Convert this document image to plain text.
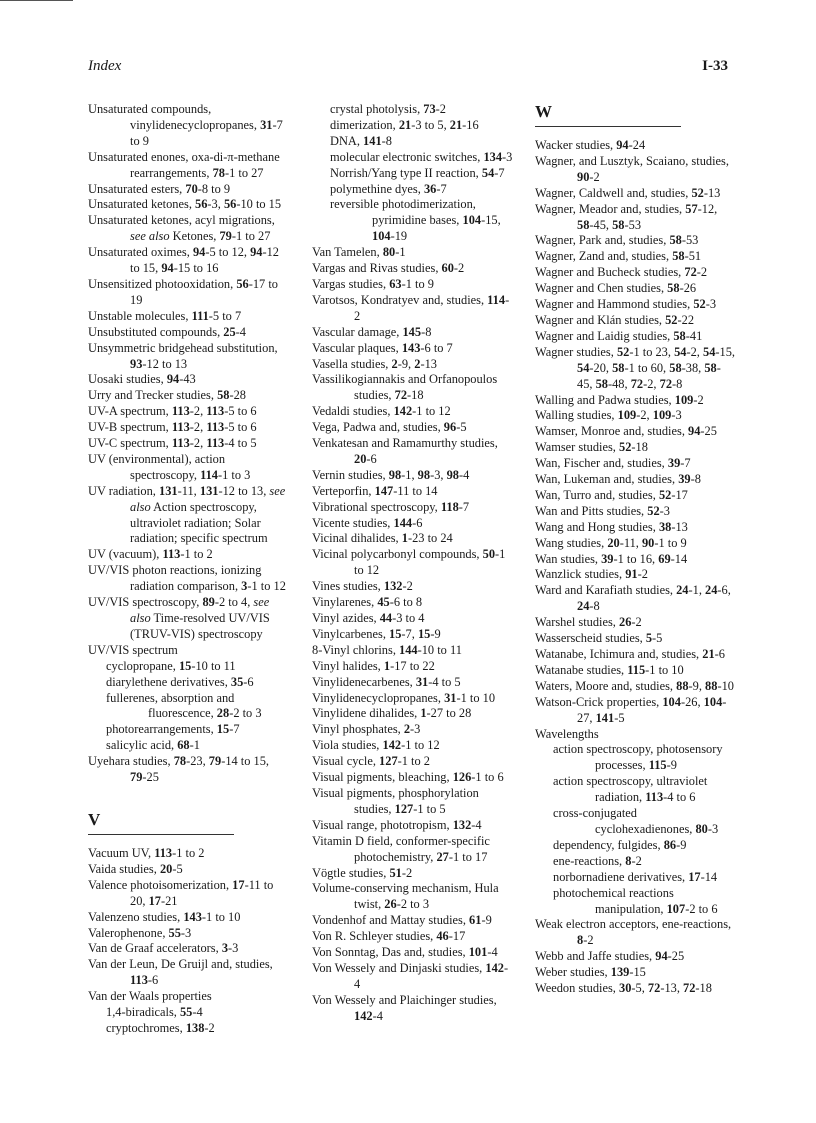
Index	I-33
Unsaturated compounds, vinylidenecyclopropanes, 31-7 to 9
Unsaturated enones, oxa-di-π-methane rearrangements, 78-1 to 27
Unsaturated esters, 70-8 to 9
Unsaturated ketones, 56-3, 56-10 to 15
Unsaturated ketones, acyl migrations, see also Ketones, 79-1 to 27
Unsaturated oximes, 94-5 to 12, 94-12 to 15, 94-15 to 16
Unsensitized photooxidation, 56-17 to 19
Unstable molecules, 111-5 to 7
Unsubstituted compounds, 25-4
Unsymmetric bridgehead substitution, 93-12 to 13
Uosaki studies, 94-43
Urry and Trecker studies, 58-28
UV-A spectrum, 113-2, 113-5 to 6
UV-B spectrum, 113-2, 113-5 to 6
UV-C spectrum, 113-2, 113-4 to 5
UV (environmental), action spectroscopy, 114-1 to 3
UV radiation, 131-11, 131-12 to 13, see also Action spectroscopy, ultraviolet radiation; Solar radiation; specific spectrum
UV (vacuum), 113-1 to 2
UV/VIS photon reactions, ionizing radiation comparison, 3-1 to 12
UV/VIS spectroscopy, 89-2 to 4, see also Time-resolved UV/VIS (TRUV-VIS) spectroscopy
UV/VIS spectrum
cyclopropane, 15-10 to 11
diarylethene derivatives, 35-6
fullerenes, absorption and fluorescence, 28-2 to 3
photorearrangements, 15-7
salicylic acid, 68-1
Uyehara studies, 78-23, 79-14 to 15, 79-25
V
Vacuum UV, 113-1 to 2
Vaida studies, 20-5
Valence photoisomerization, 17-11 to 20, 17-21
Valenzeno studies, 143-1 to 10
Valerophenone, 55-3
Van de Graaf accelerators, 3-3
Van der Leun, De Gruijl and, studies, 113-6
Van der Waals properties
1,4-biradicals, 55-4
cryptochromes, 138-2
crystal photolysis, 73-2
dimerization, 21-3 to 5, 21-16
DNA, 141-8
molecular electronic switches, 134-3
Norrish/Yang type II reaction, 54-7
polymethine dyes, 36-7
reversible photodimerization, pyrimidine bases, 104-15, 104-19
Van Tamelen, 80-1
Vargas and Rivas studies, 60-2
Vargas studies, 63-1 to 9
Varotsos, Kondratyev and, studies, 114-2
Vascular damage, 145-8
Vascular plaques, 143-6 to 7
Vasella studies, 2-9, 2-13
Vassilikogiannakis and Orfanopoulos studies, 72-18
Vedaldi studies, 142-1 to 12
Vega, Padwa and, studies, 96-5
Venkatesan and Ramamurthy studies, 20-6
Vernin studies, 98-1, 98-3, 98-4
Verteporfin, 147-11 to 14
Vibrational spectroscopy, 118-7
Vicente studies, 144-6
Vicinal dihalides, 1-23 to 24
Vicinal polycarbonyl compounds, 50-1 to 12
Vines studies, 132-2
Vinylarenes, 45-6 to 8
Vinyl azides, 44-3 to 4
Vinylcarbenes, 15-7, 15-9
8-Vinyl chlorins, 144-10 to 11
Vinyl halides, 1-17 to 22
Vinylidenecarbenes, 31-4 to 5
Vinylidenecyclopropanes, 31-1 to 10
Vinylidene dihalides, 1-27 to 28
Vinyl phosphates, 2-3
Viola studies, 142-1 to 12
Visual cycle, 127-1 to 2
Visual pigments, bleaching, 126-1 to 6
Visual pigments, phosphorylation studies, 127-1 to 5
Visual range, phototropism, 132-4
Vitamin D field, conformer-specific photochemistry, 27-1 to 17
Vögtle studies, 51-2
Volume-conserving mechanism, Hula twist, 26-2 to 3
Vondenhof and Mattay studies, 61-9
Von R. Schleyer studies, 46-17
Von Sonntag, Das and, studies, 101-4
Von Wessely and Dinjaski studies, 142-4
Von Wessely and Plaichinger studies, 142-4
W
Wacker studies, 94-24
Wagner, and Lusztyk, Scaiano, studies, 90-2
Wagner, Caldwell and, studies, 52-13
Wagner, Meador and, studies, 57-12, 58-45, 58-53
Wagner, Park and, studies, 58-53
Wagner, Zand and, studies, 58-51
Wagner and Bucheck studies, 72-2
Wagner and Chen studies, 58-26
Wagner and Hammond studies, 52-3
Wagner and Klán studies, 52-22
Wagner and Laidig studies, 58-41
Wagner studies, 52-1 to 23, 54-2, 54-15, 54-20, 58-1 to 60, 58-38, 58-45, 58-48, 72-2, 72-8
Walling and Padwa studies, 109-2
Walling studies, 109-2, 109-3
Wamser, Monroe and, studies, 94-25
Wamser studies, 52-18
Wan, Fischer and, studies, 39-7
Wan, Lukeman and, studies, 39-8
Wan, Turro and, studies, 52-17
Wan and Pitts studies, 52-3
Wang and Hong studies, 38-13
Wang studies, 20-11, 90-1 to 9
Wan studies, 39-1 to 16, 69-14
Wanzlick studies, 91-2
Ward and Karafiath studies, 24-1, 24-6, 24-8
Warshel studies, 26-2
Wasserscheid studies, 5-5
Watanabe, Ichimura and, studies, 21-6
Watanabe studies, 115-1 to 10
Waters, Moore and, studies, 88-9, 88-10
Watson-Crick properties, 104-26, 104-27, 141-5
Wavelengths
action spectroscopy, photosensory processes, 115-9
action spectroscopy, ultraviolet radiation, 113-4 to 6
cross-conjugated cyclohexadienones, 80-3
dependency, fulgides, 86-9
ene-reactions, 8-2
norbornadiene derivatives, 17-14
photochemical reactions manipulation, 107-2 to 6
Weak electron acceptors, ene-reactions, 8-2
Webb and Jaffe studies, 94-25
Weber studies, 139-15
Weedon studies, 30-5, 72-13, 72-18
